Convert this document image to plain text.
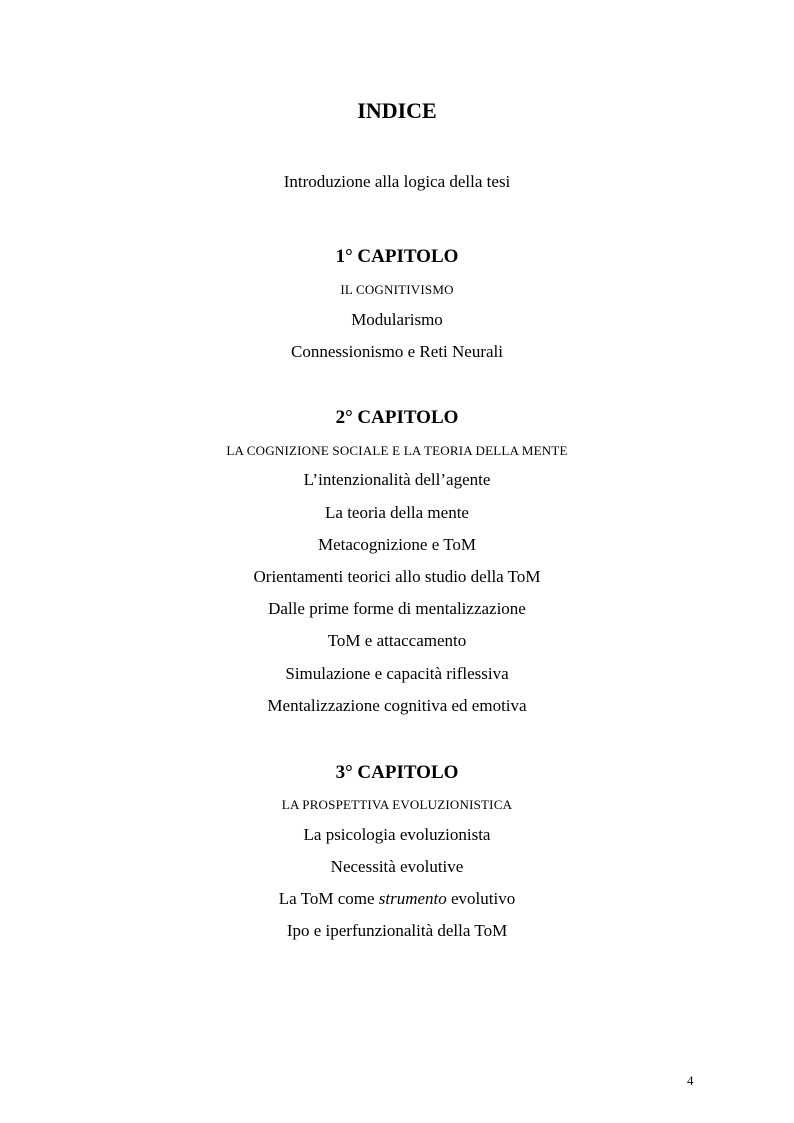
INDICE
Introduzione alla logica della tesi
1° CAPITOLO
IL COGNITIVISMO
Modularismo
Connessionismo e Reti Neurali
2° CAPITOLO
LA COGNIZIONE SOCIALE E LA TEORIA DELLA MENTE
L’intenzionalità dell’agente
La teoria della mente
Metacognizione e ToM
Orientamenti teorici allo studio della ToM
Dalle prime forme di mentalizzazione
ToM e attaccamento
Simulazione e capacità riflessiva
Mentalizzazione cognitiva ed emotiva
3° CAPITOLO
LA PROSPETTIVA EVOLUZIONISTICA
La psicologia evoluzionista
Necessità evolutive
La ToM come strumento evolutivo
Ipo e iperfunzionalità della ToM
4
